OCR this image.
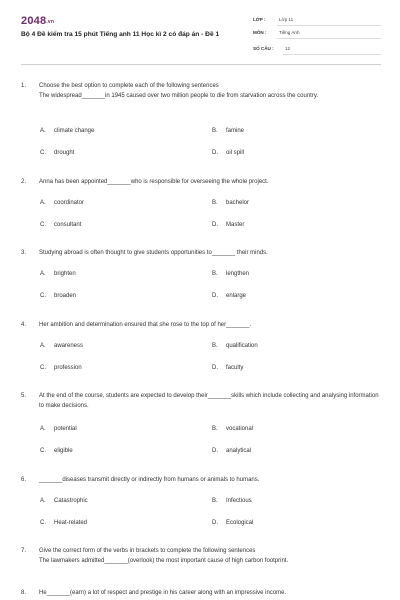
2048.vn
Bộ 4 Đề kiểm tra 15 phút Tiếng anh 11 Học kì 2 có đáp án - Đề 1
LỚP :	Lớp 11
MÔN :	Tiếng Anh
SỐ CÂU : 12
1. Choose the best option to complete each of the following sentences
The widespread_______in 1945 caused over two million people to die from starvation across the country.
A. climate change	B. famine
C. drought	D. oil spill
2. Anna has been appointed_______who is responsible for overseeing the whole project.
A. coordinator	B. bachelor
C. consultant	D. Master
3. Studying abroad is often thought to give students opportunities to_______ their minds.
A. brighten	B. lengthen
C. broaden	D. enlarge
4. Her ambition and determination ensured that she rose to the top of her_______.
A. awareness	B. qualification
C. profession	D. faculty
5. At the end of the course, students are expected to develop their_______skills which include collecting and analysing information to make decisions.
A. potential	B. vocational
C. eligible	D. analytical
6. _______diseases transmit directly or indirectly from humans or animals to humans.
A. Catastrophic	B. Infectious
C. Heat-related	D. Ecological
7. Give the correct form of the verbs in brackets to complete the following sentences
The lawmakers admitted_______(overlook) the most important cause of high carbon footprint.
8. He_______(earn) a lot of respect and prestige in his career along with an impressive income.
